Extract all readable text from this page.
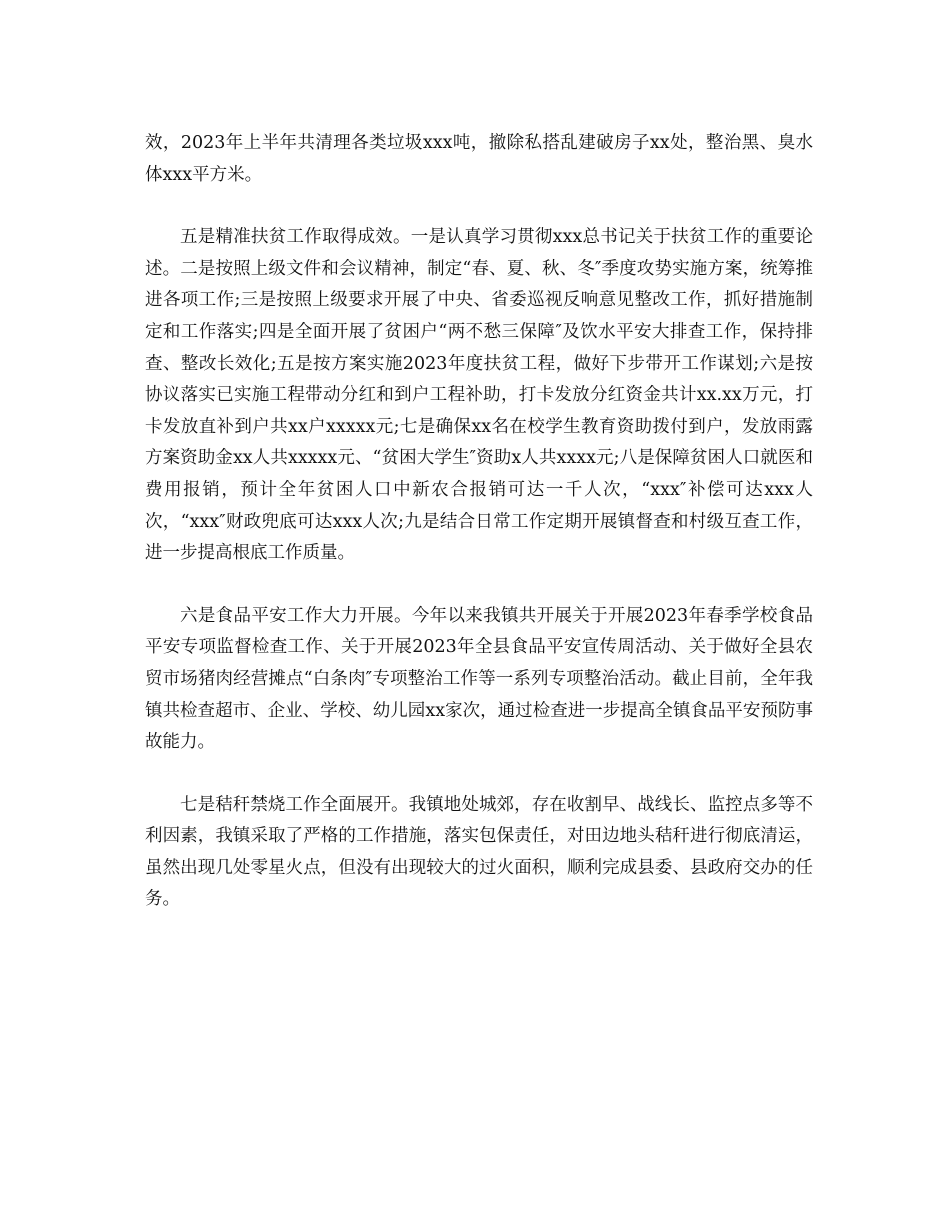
效，2023年上半年共清理各类垃圾xxx吨，撤除私搭乱建破房子xx处，整治黑、臭水体xxx平方米。

五是精准扶贫工作取得成效。一是认真学习贯彻xxx总书记关于扶贫工作的重要论述。二是按照上级文件和会议精神，制定“春、夏、秋、冬″季度攻势实施方案，统筹推进各项工作;三是按照上级要求开展了中央、省委巡视反响意见整改工作，抓好措施制定和工作落实;四是全面开展了贫困户“两不愁三保障″及饮水平安大排查工作，保持排查、整改长效化;五是按方案实施2023年度扶贫工程，做好下步带开工作谋划;六是按协议落实已实施工程带动分红和到户工程补助，打卡发放分红资金共计xx.xx万元，打卡发放直补到户共xx户xxxxx元;七是确保xx名在校学生教育资助拨付到户，发放雨露方案资助金xx人共xxxxx元、“贫困大学生″资助x人共xxxx元;八是保障贫困人口就医和费用报销，预计全年贫困人口中新农合报销可达一千人次，“xxx″补偿可达xxx人次，“xxx″财政兜底可达xxx人次;九是结合日常工作定期开展镇督查和村级互查工作，进一步提高根底工作质量。

六是食品平安工作大力开展。今年以来我镇共开展关于开展2023年春季学校食品平安专项监督检查工作、关于开展2023年全县食品平安宣传周活动、关于做好全县农贸市场猪肉经营摊点“白条肉″专项整治工作等一系列专项整治活动。截止目前，全年我镇共检查超市、企业、学校、幼儿园xx家次，通过检查进一步提高全镇食品平安预防事故能力。

七是秸秆禁烧工作全面展开。我镇地处城郊，存在收割早、战线长、监控点多等不利因素，我镇采取了严格的工作措施，落实包保责任，对田边地头秸秆进行彻底清运，虽然出现几处零星火点，但没有出现较大的过火面积，顺利完成县委、县政府交办的任务。
